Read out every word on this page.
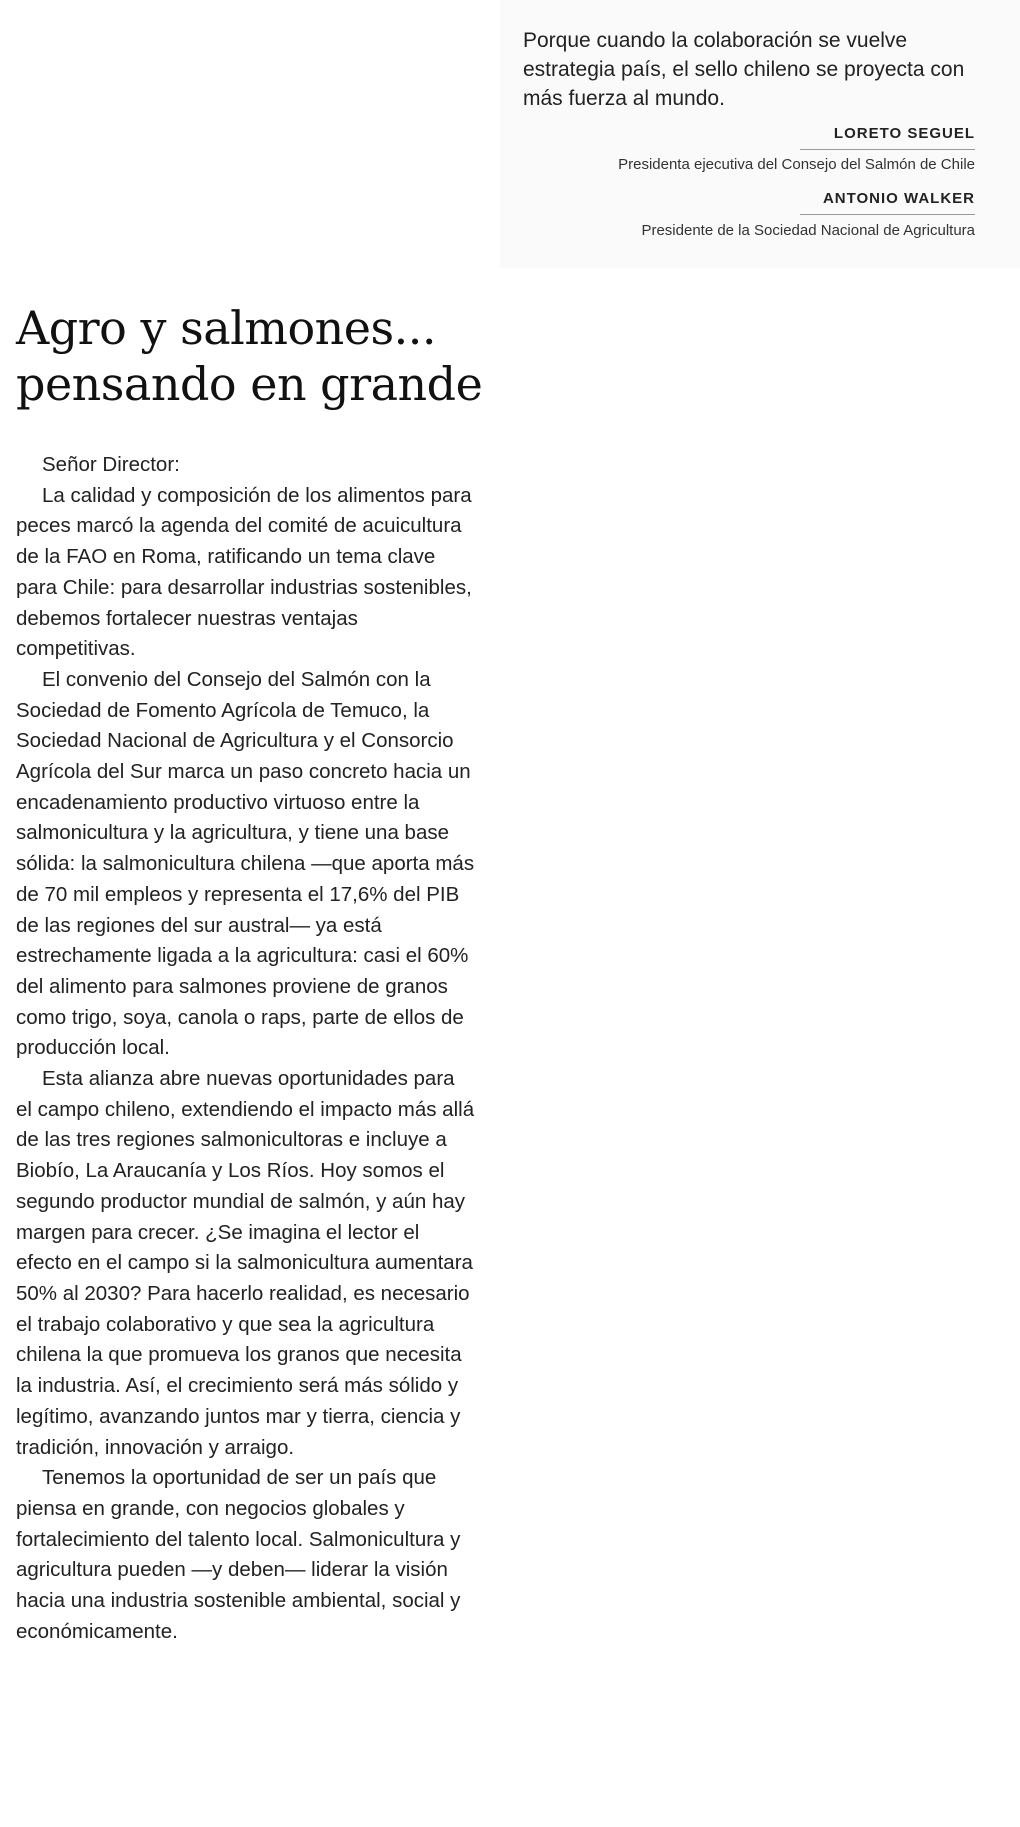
Porque cuando la colaboración se vuelve estrategia país, el sello chileno se proyecta con más fuerza al mundo.

LORETO SEGUEL
Presidenta ejecutiva del Consejo del Salmón de Chile
ANTONIO WALKER
Presidente de la Sociedad Nacional de Agricultura
Agro y salmones...
pensando en grande

Señor Director:

La calidad y composición de los alimentos para peces marcó la agenda del comité de acuicultura de la FAO en Roma, ratificando un tema clave para Chile: para desarrollar industrias sostenibles, debemos fortalecer nuestras ventajas competitivas.

El convenio del Consejo del Salmón con la Sociedad de Fomento Agrícola de Temuco, la Sociedad Nacional de Agricultura y el Consorcio Agrícola del Sur marca un paso concreto hacia un encadenamiento productivo virtuoso entre la salmonicultura y la agricultura, y tiene una base sólida: la salmonicultura chilena —que aporta más de 70 mil empleos y representa el 17,6% del PIB de las regiones del sur austral— ya está estrechamente ligada a la agricultura: casi el 60% del alimento para salmones proviene de granos como trigo, soya, canola o raps, parte de ellos de producción local.

Esta alianza abre nuevas oportunidades para el campo chileno, extendiendo el impacto más allá de las tres regiones salmonicultoras e incluye a Biobío, La Araucanía y Los Ríos. Hoy somos el segundo productor mundial de salmón, y aún hay margen para crecer. ¿Se imagina el lector el efecto en el campo si la salmonicultura aumentara 50% al 2030? Para hacerlo realidad, es necesario el trabajo colaborativo y que sea la agricultura chilena la que promueva los granos que necesita la industria. Así, el crecimiento será más sólido y legítimo, avanzando juntos mar y tierra, ciencia y tradición, innovación y arraigo.

Tenemos la oportunidad de ser un país que piensa en grande, con negocios globales y fortalecimiento del talento local. Salmonicultura y agricultura pueden —y deben— liderar la visión hacia una industria sostenible ambiental, social y económicamente.
